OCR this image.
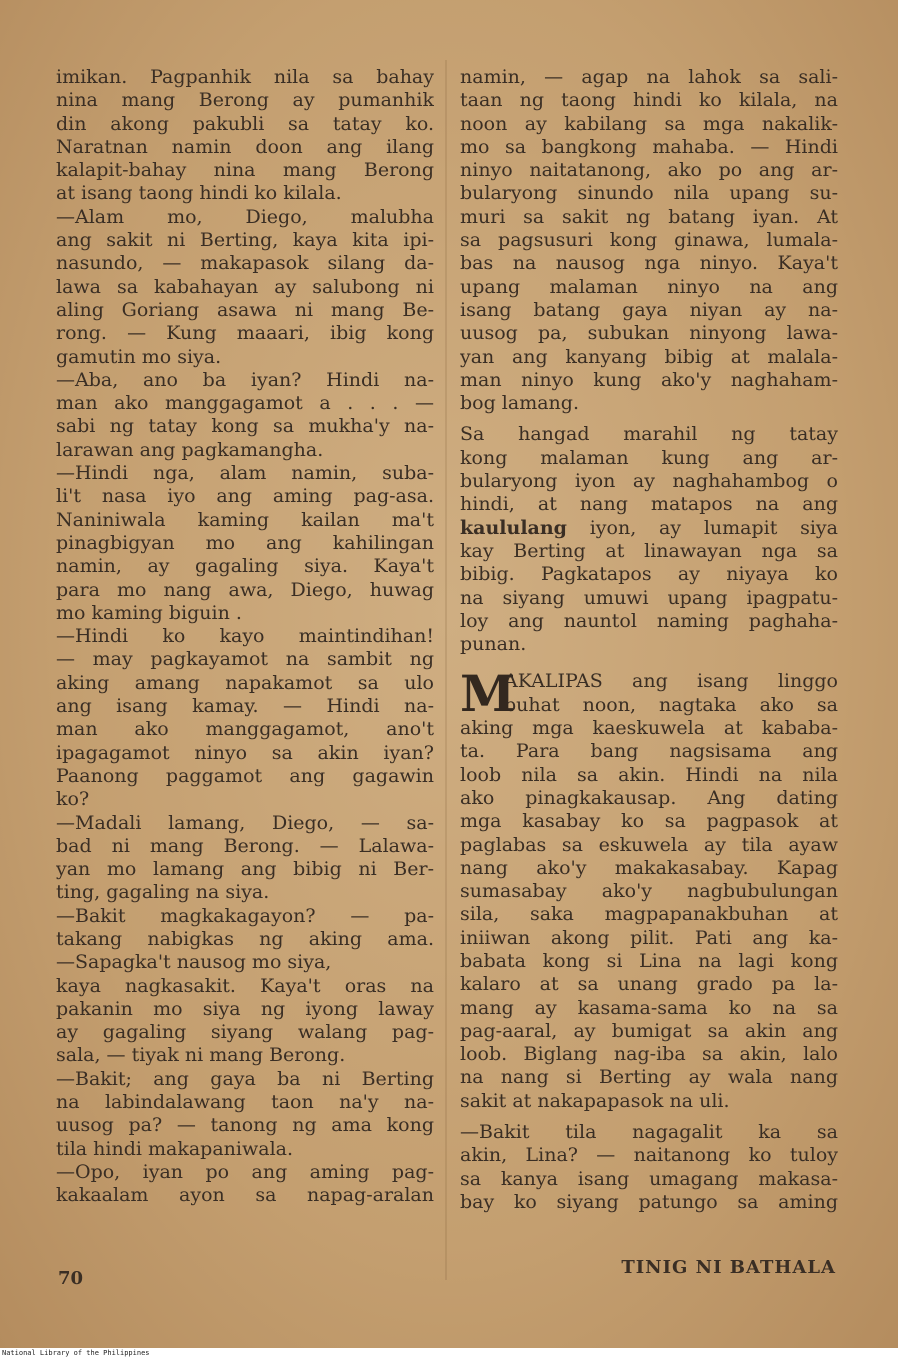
imikan. Pagpanhik nila sa bahay
nina mang Berong ay pumanhik
din akong pakubli sa tatay ko.
Naratnan namin doon ang ilang
kalapit-bahay nina mang Berong
at isang taong hindi ko kilala.
—Alam mo, Diego, malubha
ang sakit ni Berting, kaya kita ipi-
nasundo, — makapasok silang da-
lawa sa kabahayan ay salubong ni
aling Goriang asawa ni mang Be-
rong. — Kung maaari, ibig kong
gamutin mo siya.
—Aba, ano ba iyan? Hindi na-
man ako manggagamot a . . . —
sabi ng tatay kong sa mukha'y na-
larawan ang pagkamangha.
—Hindi nga, alam namin, suba-
li't nasa iyo ang aming pag-asa.
Naniniwala kaming kailan ma't
pinagbigyan mo ang kahilingan
namin, ay gagaling siya. Kaya't
para mo nang awa, Diego, huwag
mo kaming biguin .
—Hindi ko kayo maintindihan!
— may pagkayamot na sambit ng
aking amang napakamot sa ulo
ang isang kamay. — Hindi na-
man ako manggagamot, ano't
ipagagamot ninyo sa akin iyan?
Paanong paggamot ang gagawin
ko?
—Madali lamang, Diego, — sa-
bad ni mang Berong. — Lalawa-
yan mo lamang ang bibig ni Ber-
ting, gagaling na siya.
—Bakit magkakagayon? — pa-
takang nabigkas ng aking ama.
—Sapagka't nausog mo siya,
kaya nagkasakit. Kaya't oras na
pakanin mo siya ng iyong laway
ay gagaling siyang walang pag-
sala, — tiyak ni mang Berong.
—Bakit; ang gaya ba ni Berting
na labindalawang taon na'y na-
uusog pa? — tanong ng ama kong
tila hindi makapaniwala.
—Opo, iyan po ang aming pag-
kakaalam ayon sa napag-aralan
namin, — agap na lahok sa sali-
taan ng taong hindi ko kilala, na
noon ay kabilang sa mga nakalik-
mo sa bangkong mahaba. — Hindi
ninyo naitatanong, ako po ang ar-
bularyong sinundo nila upang su-
muri sa sakit ng batang iyan. At
sa pagsusuri kong ginawa, lumala-
bas na nausog nga ninyo. Kaya't
upang malaman ninyo na ang
isang batang gaya niyan ay na-
uusog pa, subukan ninyong lawa-
yan ang kanyang bibig at malala-
man ninyo kung ako'y naghaham-
bog lamang.
Sa hangad marahil ng tatay
kong malaman kung ang ar-
bularyong iyon ay naghahambog o
hindi, at nang matapos na ang
kaululang iyon, ay lumapit siya
kay Berting at linawayan nga sa
bibig. Pagkatapos ay niyaya ko
na siyang umuwi upang ipagpatu-
loy ang nauntol naming paghaha-
punan.
M
AKALIPAS ang isang linggo
buhat noon, nagtaka ako sa
aking mga kaeskuwela at kababa-
ta. Para bang nagsisama ang
loob nila sa akin. Hindi na nila
ako pinagkakausap. Ang dating
mga kasabay ko sa pagpasok at
paglabas sa eskuwela ay tila ayaw
nang ako'y makakasabay. Kapag
sumasabay ako'y nagbubulungan
sila, saka magpapanakbuhan at
iniiwan akong pilit. Pati ang ka-
babata kong si Lina na lagi kong
kalaro at sa unang grado pa la-
mang ay kasama-sama ko na sa
pag-aaral, ay bumigat sa akin ang
loob. Biglang nag-iba sa akin, lalo
na nang si Berting ay wala nang
sakit at nakapapasok na uli.
—Bakit tila nagagalit ka sa
akin, Lina? — naitanong ko tuloy
sa kanya isang umagang makasa-
bay ko siyang patungo sa aming
70
TINIG NI BATHALA
National Library of the Philippines
